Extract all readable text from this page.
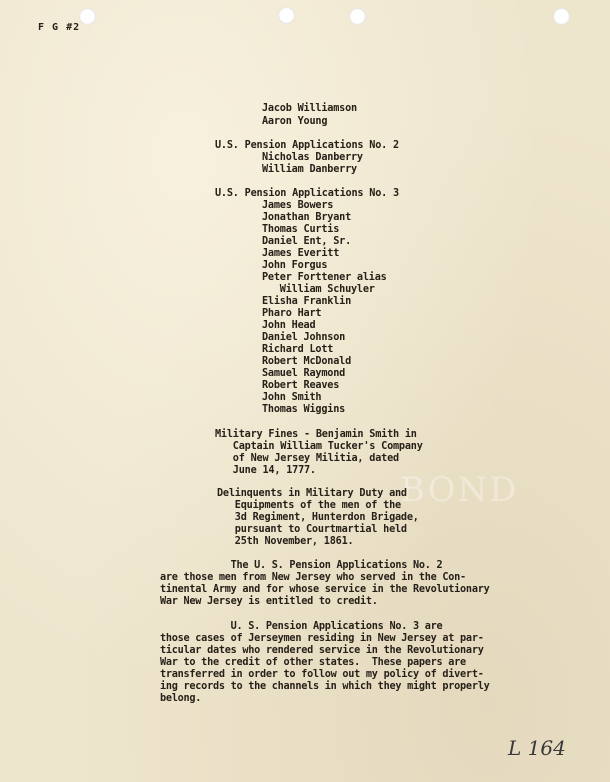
BOND
F G #2
Jacob Williamson
Aaron Young
U.S. Pension Applications No. 2
Nicholas Danberry
William Danberry
U.S. Pension Applications No. 3
James Bowers
Jonathan Bryant
Thomas Curtis
Daniel Ent, Sr.
James Everitt
John Forgus
Peter Forttener alias
William Schuyler
Elisha Franklin
Pharo Hart
John Head
Daniel Johnson
Richard Lott
Robert McDonald
Samuel Raymond
Robert Reaves
John Smith
Thomas Wiggins
Military Fines - Benjamin Smith in
Captain William Tucker's Company
of New Jersey Militia, dated
June 14, 1777.
Delinquents in Military Duty and
Equipments of the men of the
3d Regiment, Hunterdon Brigade,
pursuant to Courtmartial held
25th November, 1861.
The U. S. Pension Applications No. 2
are those men from New Jersey who served in the Con-
tinental Army and for whose service in the Revolutionary
War New Jersey is entitled to credit.
U. S. Pension Applications No. 3 are
those cases of Jerseymen residing in New Jersey at par-
ticular dates who rendered service in the Revolutionary
War to the credit of other states.  These papers are
transferred in order to follow out my policy of divert-
ing records to the channels in which they might properly
belong.
L 164
